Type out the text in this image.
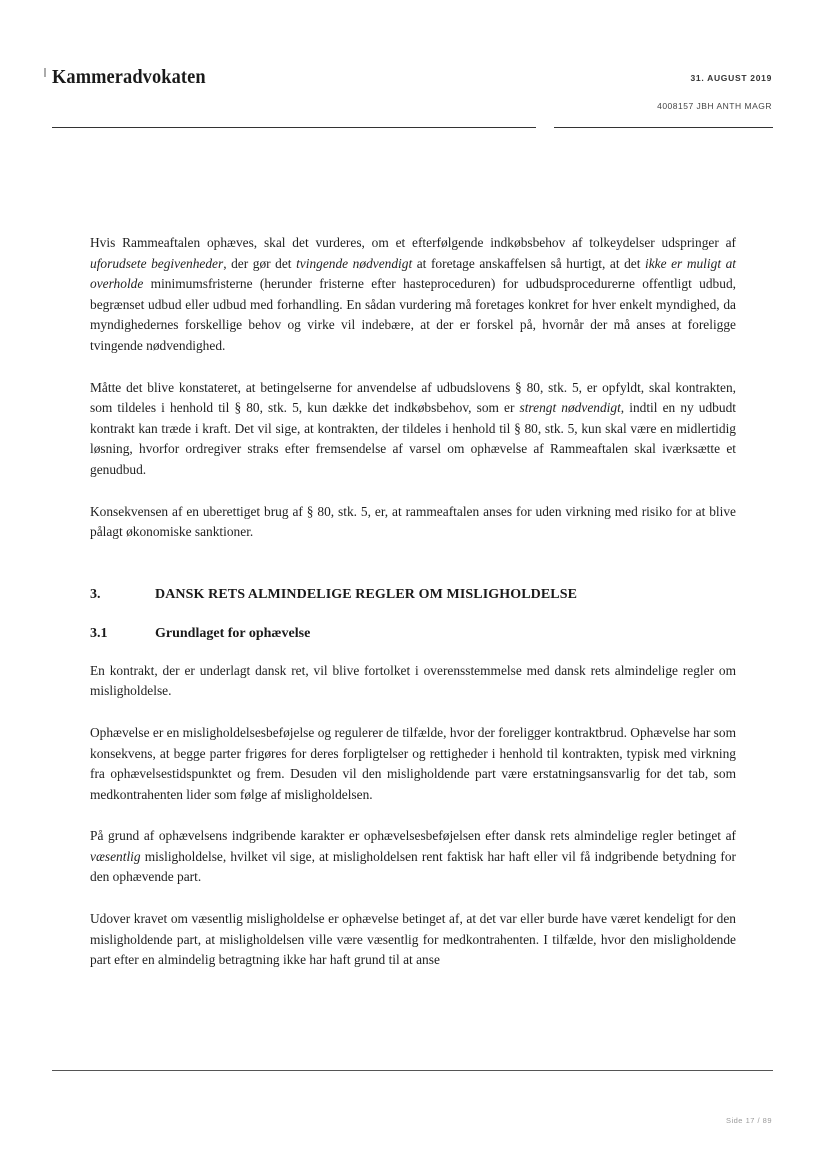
Kammeradvokaten	31. AUGUST 2019
4008157 JBH ANTH MAGR

Hvis Rammeaftalen ophæves, skal det vurderes, om et efterfølgende indkøbsbehov af tolkeydelser udspringer af uforudsete begivenheder, der gør det tvingende nødvendigt at foretage anskaffelsen så hurtigt, at det ikke er muligt at overholde minimumsfristerne (herunder fristerne efter hasteproceduren) for udbudsprocedurerne offentligt udbud, begrænset udbud eller udbud med forhandling. En sådan vurdering må foretages konkret for hver enkelt myndighed, da myndighedernes forskellige behov og virke vil indebære, at der er forskel på, hvornår der må anses at foreligge tvingende nødvendighed.

Måtte det blive konstateret, at betingelserne for anvendelse af udbudslovens § 80, stk. 5, er opfyldt, skal kontrakten, som tildeles i henhold til § 80, stk. 5, kun dække det indkøbsbehov, som er strengt nødvendigt, indtil en ny udbudt kontrakt kan træde i kraft. Det vil sige, at kontrakten, der tildeles i henhold til § 80, stk. 5, kun skal være en midlertidig løsning, hvorfor ordregiver straks efter fremsendelse af varsel om ophævelse af Rammeaftalen skal iværksætte et genudbud.

Konsekvensen af en uberettiget brug af § 80, stk. 5, er, at rammeaftalen anses for uden virkning med risiko for at blive pålagt økonomiske sanktioner.

3.	DANSK RETS ALMINDELIGE REGLER OM MISLIGHOLDELSE
3.1	Grundlaget for ophævelse

En kontrakt, der er underlagt dansk ret, vil blive fortolket i overensstemmelse med dansk rets almindelige regler om misligholdelse.

Ophævelse er en misligholdelsesbeføjelse og regulerer de tilfælde, hvor der foreligger kontraktbrud. Ophævelse har som konsekvens, at begge parter frigøres for deres forpligtelser og rettigheder i henhold til kontrakten, typisk med virkning fra ophævelsestidspunktet og frem. Desuden vil den misligholdende part være erstatningsansvarlig for det tab, som medkontrahenten lider som følge af misligholdelsen.

På grund af ophævelsens indgribende karakter er ophævelsesbeføjelsen efter dansk rets almindelige regler betinget af væsentlig misligholdelse, hvilket vil sige, at misligholdelsen rent faktisk har haft eller vil få indgribende betydning for den ophævende part.

Udover kravet om væsentlig misligholdelse er ophævelse betinget af, at det var eller burde have været kendeligt for den misligholdende part, at misligholdelsen ville være væsentlig for medkontrahenten. I tilfælde, hvor den misligholdende part efter en almindelig betragtning ikke har haft grund til at anse

Side 17 / 89
